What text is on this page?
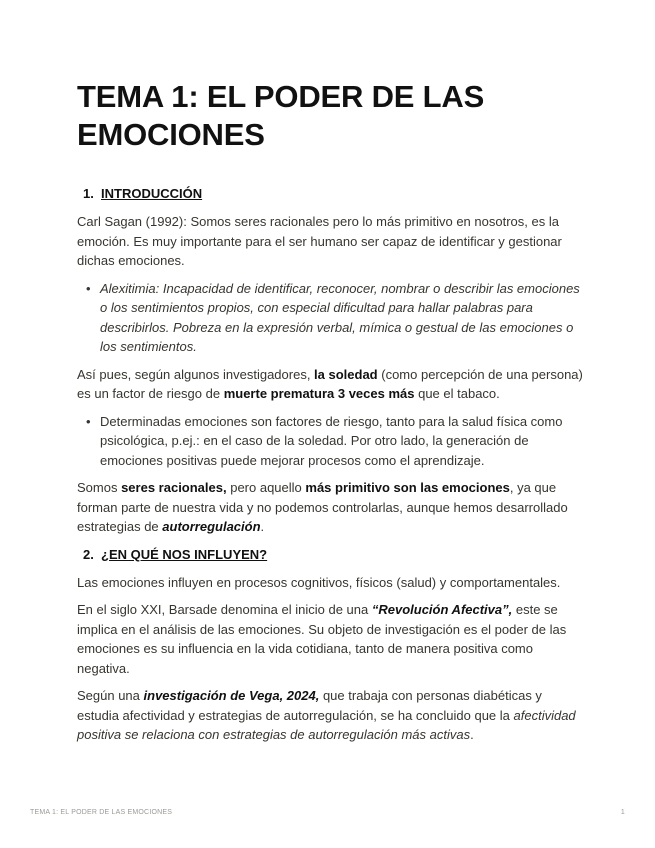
TEMA 1: EL PODER DE LAS EMOCIONES
1. INTRODUCCIÓN

Carl Sagan (1992): Somos seres racionales pero lo más primitivo en nosotros, es la emoción. Es muy importante para el ser humano ser capaz de identificar y gestionar dichas emociones.

• Alexitimia: Incapacidad de identificar, reconocer, nombrar o describir las emociones o los sentimientos propios, con especial dificultad para hallar palabras para describirlos. Pobreza en la expresión verbal, mímica o gestual de las emociones o los sentimientos.

Así pues, según algunos investigadores, la soledad (como percepción de una persona) es un factor de riesgo de muerte prematura 3 veces más que el tabaco.

• Determinadas emociones son factores de riesgo, tanto para la salud física como psicológica, p.ej.: en el caso de la soledad. Por otro lado, la generación de emociones positivas puede mejorar procesos como el aprendizaje.

Somos seres racionales, pero aquello más primitivo son las emociones, ya que forman parte de nuestra vida y no podemos controlarlas, aunque hemos desarrollado estrategias de autorregulación.

2. ¿EN QUÉ NOS INFLUYEN?

Las emociones influyen en procesos cognitivos, físicos (salud) y comportamentales.

En el siglo XXI, Barsade denomina el inicio de una “Revolución Afectiva”, este se implica en el análisis de las emociones. Su objeto de investigación es el poder de las emociones es su influencia en la vida cotidiana, tanto de manera positiva como negativa.

Según una investigación de Vega, 2024, que trabaja con personas diabéticas y estudia afectividad y estrategias de autorregulación, se ha concluido que la afectividad positiva se relaciona con estrategias de autorregulación más activas.

TEMA 1: EL PODER DE LAS EMOCIONES	1
